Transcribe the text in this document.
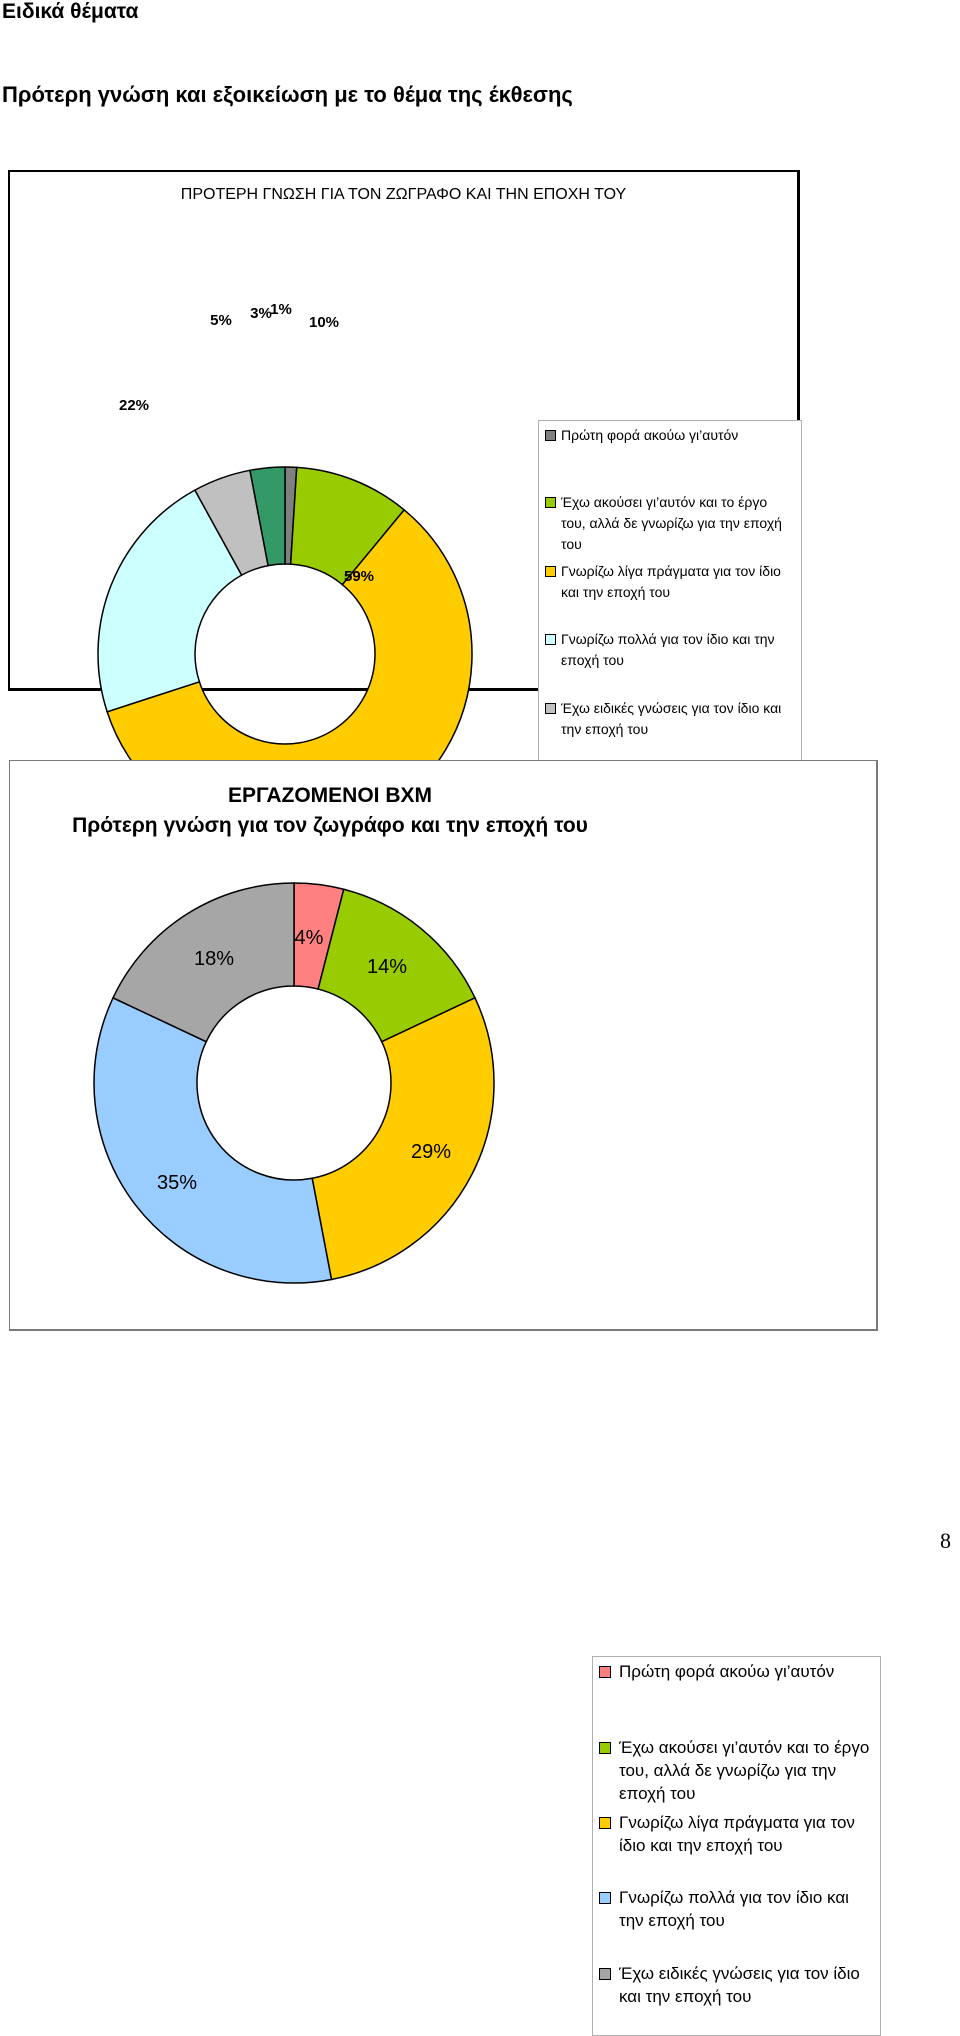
Ειδικά θέματα
Πρότερη γνώση και εξοικείωση με το θέμα της έκθεσης
ΠΡΟΤΕΡΗ ΓΝΩΣΗ ΓΙΑ ΤΟΝ ΖΩΓΡΑΦΟ ΚΑΙ ΤΗΝ ΕΠΟΧΗ ΤΟΥ
1%
10%
59%
22%
5% 3%
Πρώτη φορά ακούω γι’αυτόν
Έχω ακούσει γι’αυτόν και το έργο του, αλλά δε γνωρίζω για την εποχή του
Γνωρίζω λίγα πράγματα για τον ίδιο και την εποχή του
Γνωρίζω πολλά για τον ίδιο και την εποχή του
Έχω ειδικές γνώσεις για τον ίδιο και την εποχή του
ΕΡΓΑΖΟΜΕΝΟΙ ΒΧΜ
Πρότερη γνώση για τον ζωγράφο και την εποχή του
4%
14%
29%
35%
18%
Πρώτη φορά ακούω γι’αυτόν
Έχω ακούσει γι’αυτόν και το έργο του, αλλά δε γνωρίζω για την εποχή του
Γνωρίζω λίγα πράγματα για τον ίδιο και την εποχή του
Γνωρίζω πολλά για τον ίδιο και την εποχή του
Έχω ειδικές γνώσεις για τον ίδιο και την εποχή του
8
